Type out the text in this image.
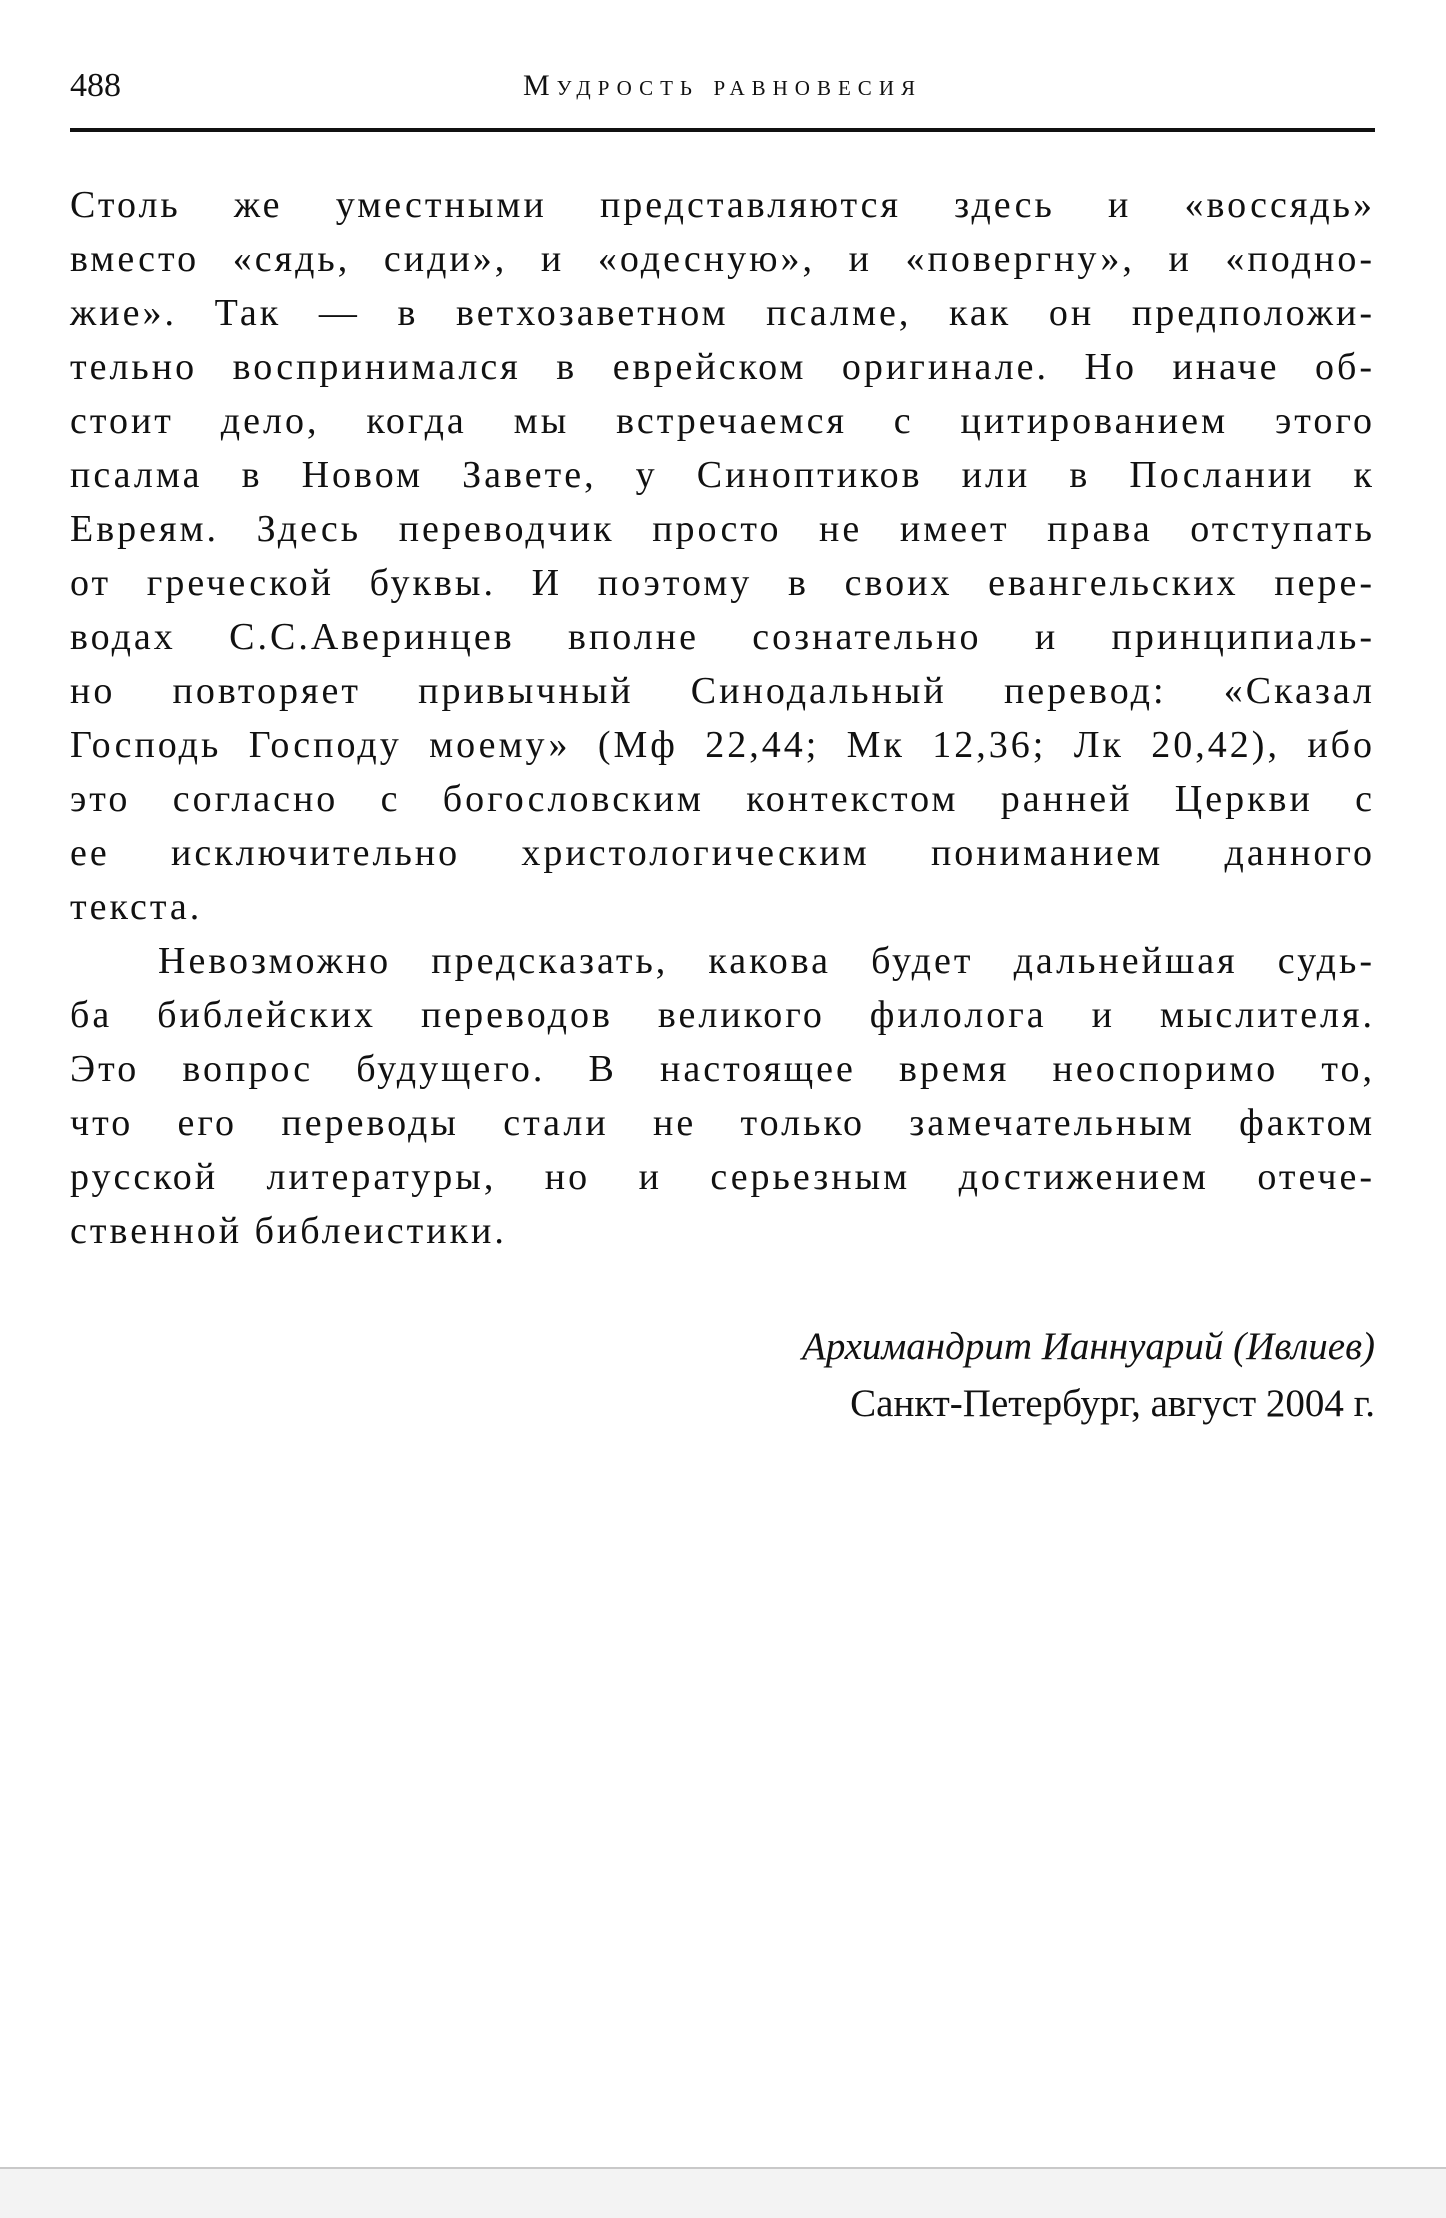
488	Мудрость равновесия
Столь же уместными представляются здесь и «воссядь»
вместо «сядь, сиди», и «одесную», и «повергну», и «подно-
жие». Так — в ветхозаветном псалме, как он предположи-
тельно воспринимался в еврейском оригинале. Но иначе об-
стоит дело, когда мы встречаемся с цитированием этого
псалма в Новом Завете, у Синоптиков или в Послании к
Евреям. Здесь переводчик просто не имеет права отступать
от греческой буквы. И поэтому в своих евангельских пере-
водах С.С.Аверинцев вполне сознательно и принципиаль-
но повторяет привычный Синодальный перевод: «Сказал
Господь Господу моему» (Мф 22,44; Мк 12,36; Лк 20,42), ибо
это согласно с богословским контекстом ранней Церкви с
ее исключительно христологическим пониманием данного
текста.
Невозможно предсказать, какова будет дальнейшая судь-
ба библейских переводов великого филолога и мыслителя.
Это вопрос будущего. В настоящее время неоспоримо то,
что его переводы стали не только замечательным фактом
русской литературы, но и серьезным достижением отече-
ственной библеистики.
Архимандрит Ианнуарий (Ивлиев)
Санкт-Петербург, август 2004 г.
